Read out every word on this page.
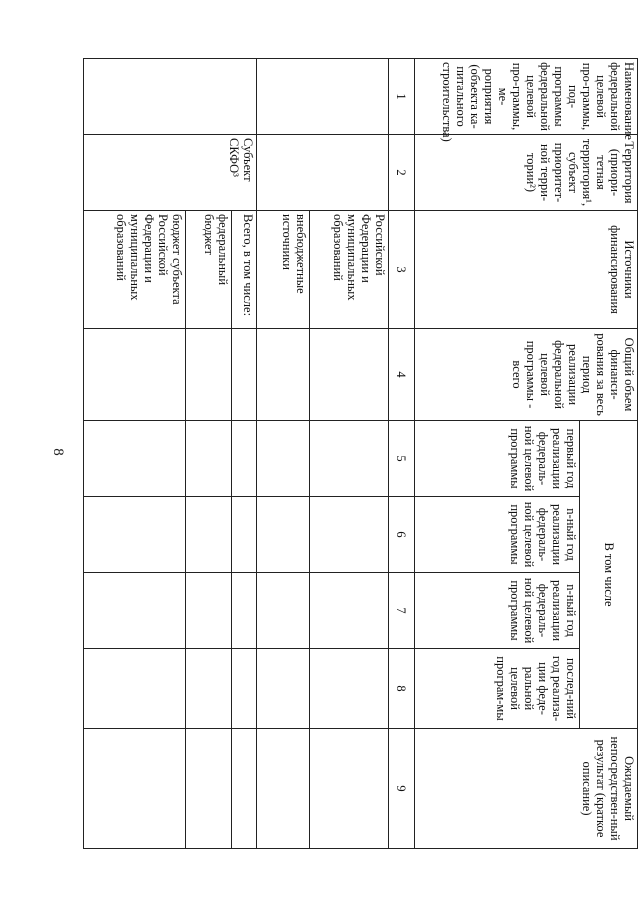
8
Наименование федеральной целевой про-граммы, под-программы федеральной целевой про-граммы, ме-роприятия (объекта ка-питального строительства)	Территория (приори-тетная территория¹, субъект приоритет-ной терри-тории²)	Источники финансирования	Общий объем финанси-рования за весь период реализации федеральной целевой программы - всего	В том числе				Ожидаемый непосредствен-ный результат (краткое описание)
				первый год реализации федераль-ной целевой программы	n-ный год реализации федераль-ной целевой программы	n-ный год реализации федераль-ной целевой программы	послед-ний год реализа-ции феде-ральной целевой програм-мы	
1	2	3	4	5	6	7	8	9
		Российской Федерации и муниципальных образований						
		внебюджетные источники						
	Субъект СКФО³	Всего, в том числе:						
		федеральный бюджет						
		бюджет субъекта Российской Федерации и муниципальных образований						
